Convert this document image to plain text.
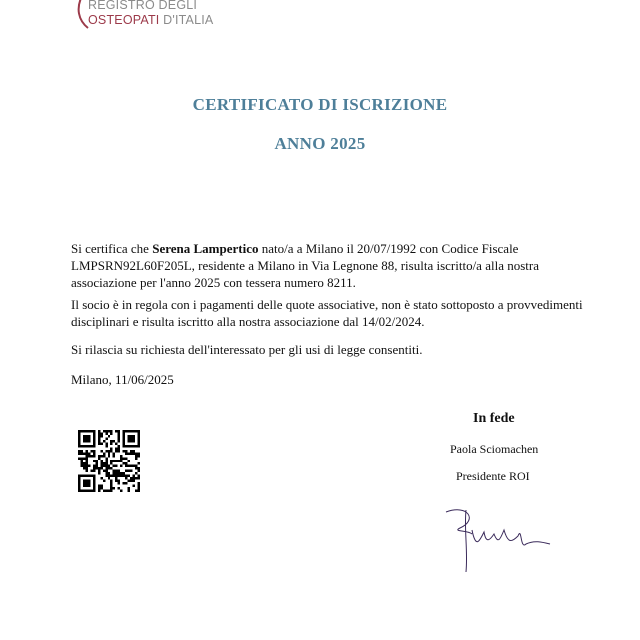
REGISTRO DEGLI
OSTEOPATI D'ITALIA
CERTIFICATO DI ISCRIZIONE
ANNO 2025
Si certifica che Serena Lampertico nato/a a Milano il 20/07/1992 con Codice Fiscale LMPSRN92L60F205L, residente a Milano in Via Legnone 88, risulta iscritto/a alla nostra associazione per l'anno 2025 con tessera numero 8211.
Il socio è in regola con i pagamenti delle quote associative, non è stato sottoposto a provvedimenti disciplinari e risulta iscritto alla nostra associazione dal 14/02/2024.
Si rilascia su richiesta dell'interessato per gli usi di legge consentiti.
Milano, 11/06/2025
In fede
Paola Sciomachen
Presidente ROI
